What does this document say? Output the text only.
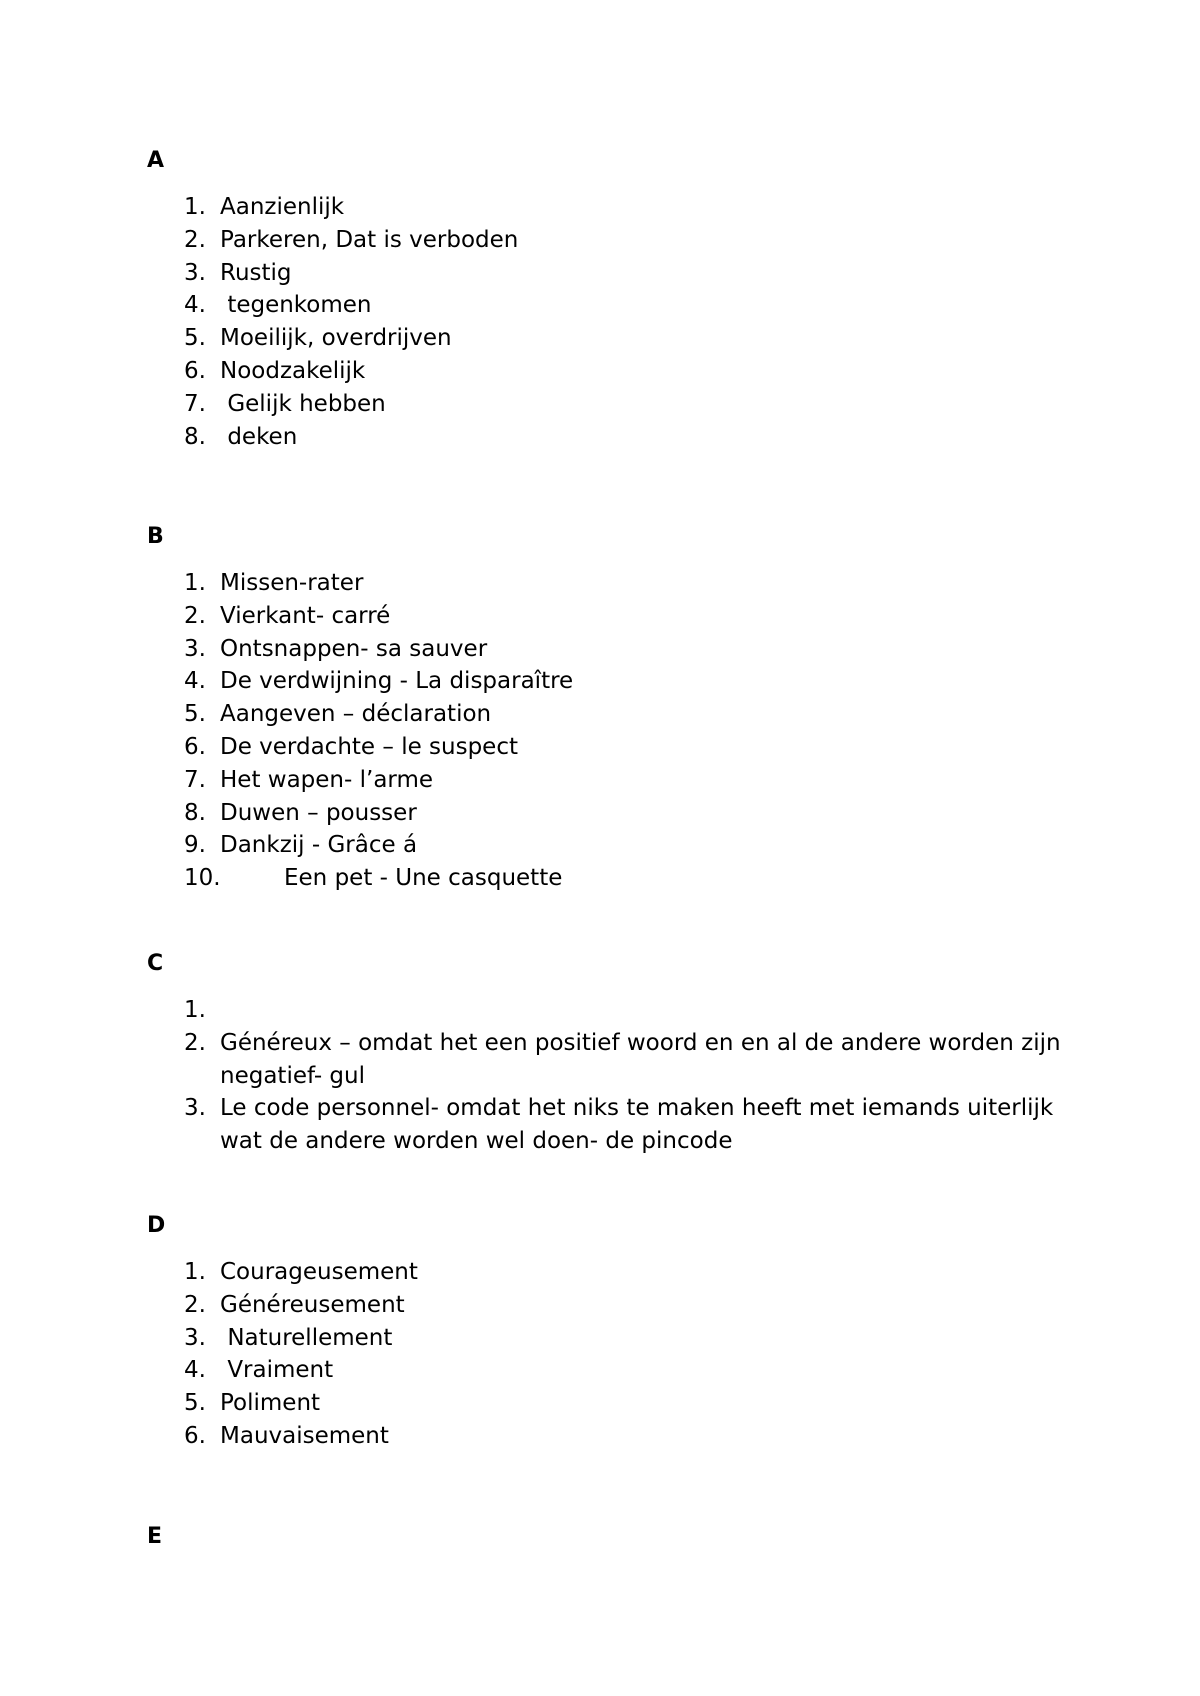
A
1. Aanzienlijk
2. Parkeren, Dat is verboden
3. Rustig
4. tegenkomen
5. Moeilijk, overdrijven
6. Noodzakelijk
7. Gelijk hebben
8. deken
B
1. Missen-rater
2. Vierkant- carré
3. Ontsnappen- sa sauver
4. De verdwijning - La disparaître
5. Aangeven – déclaration
6. De verdachte – le suspect
7. Het wapen- l’arme
8. Duwen – pousser
9. Dankzij - Grâce á
10.	Een pet - Une casquette
C
1.
2. Généreux – omdat het een positief woord en en al de andere worden zijn negatief- gul
3. Le code personnel- omdat het niks te maken heeft met iemands uiterlijk wat de andere worden wel doen- de pincode
D
1. Courageusement
2. Généreusement
3. Naturellement
4. Vraiment
5. Poliment
6. Mauvaisement
E
